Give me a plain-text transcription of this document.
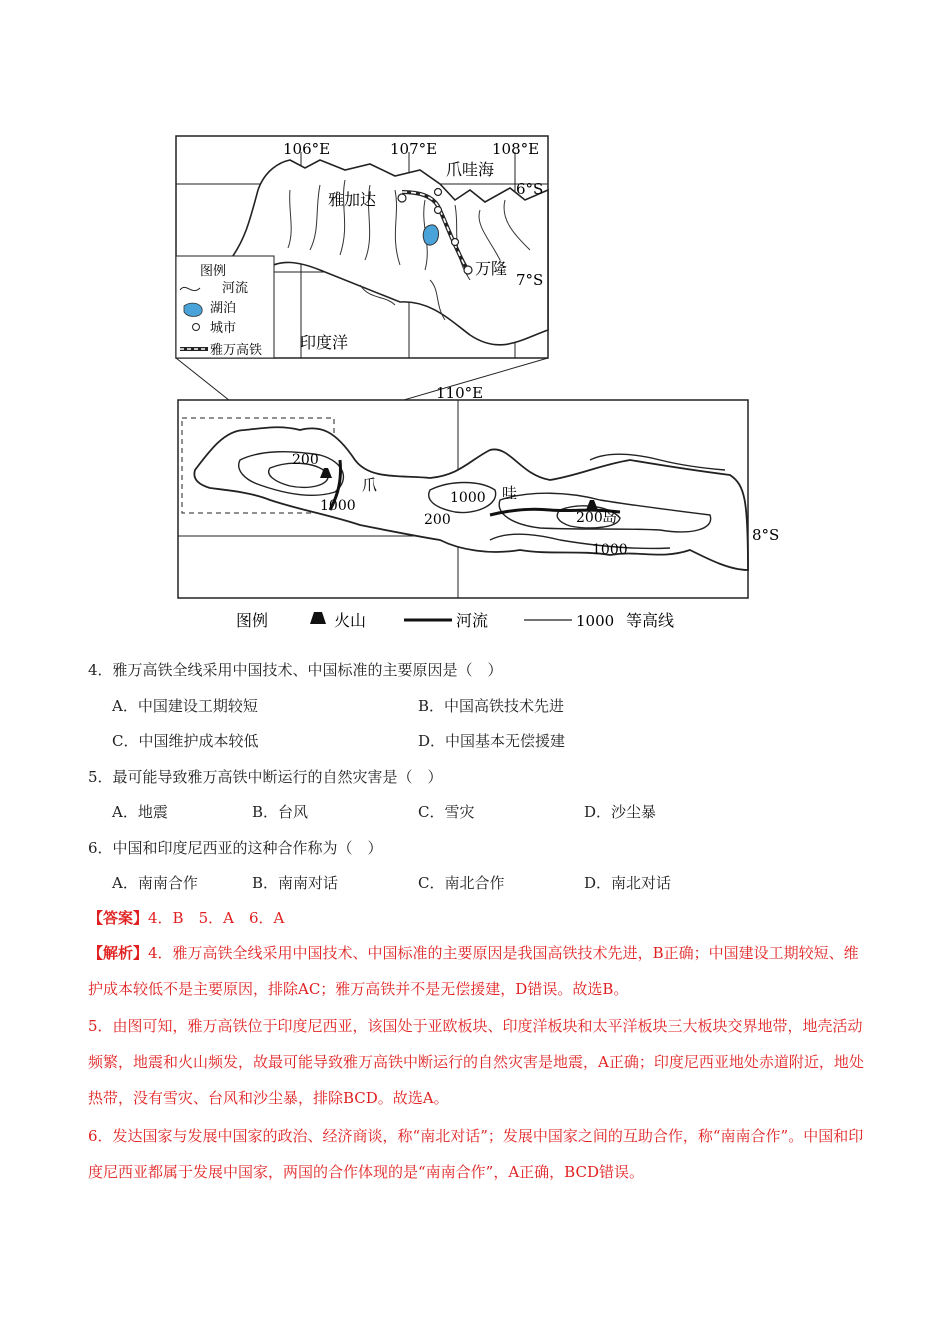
106°E	107°E	108°E
6°S
7°S
爪哇海
雅加达
万隆
印度洋
图例
河流
湖泊
城市
雅万高铁
110°E
8°S
200
1000
200
1000
200
1000
爪	哇
岛
图例	火山	河流	1000 等高线
4．雅万高铁全线采用中国技术、中国标准的主要原因是（　）
A．中国建设工期较短	B．中国高铁技术先进
C．中国维护成本较低	D．中国基本无偿援建
5．最可能导致雅万高铁中断运行的自然灾害是（　）
A．地震	B．台风	C．雪灾	D．沙尘暴
6．中国和印度尼西亚的这种合作称为（　）
A．南南合作	B．南南对话	C．南北合作	D．南北对话
【答案】4．B　5．A　6．A
【解析】4．雅万高铁全线采用中国技术、中国标准的主要原因是我国高铁技术先进，B正确；中国建设工期较短、维护成本较低不是主要原因，排除AC；雅万高铁并不是无偿援建，D错误。故选B。
5．由图可知，雅万高铁位于印度尼西亚，该国处于亚欧板块、印度洋板块和太平洋板块三大板块交界地带，地壳活动频繁，地震和火山频发，故最可能导致雅万高铁中断运行的自然灾害是地震，A正确；印度尼西亚地处赤道附近，地处热带，没有雪灾、台风和沙尘暴，排除BCD。故选A。
6．发达国家与发展中国家的政治、经济商谈，称“南北对话”；发展中国家之间的互助合作，称“南南合作”。中国和印度尼西亚都属于发展中国家，两国的合作体现的是“南南合作”，A正确，BCD错误。
